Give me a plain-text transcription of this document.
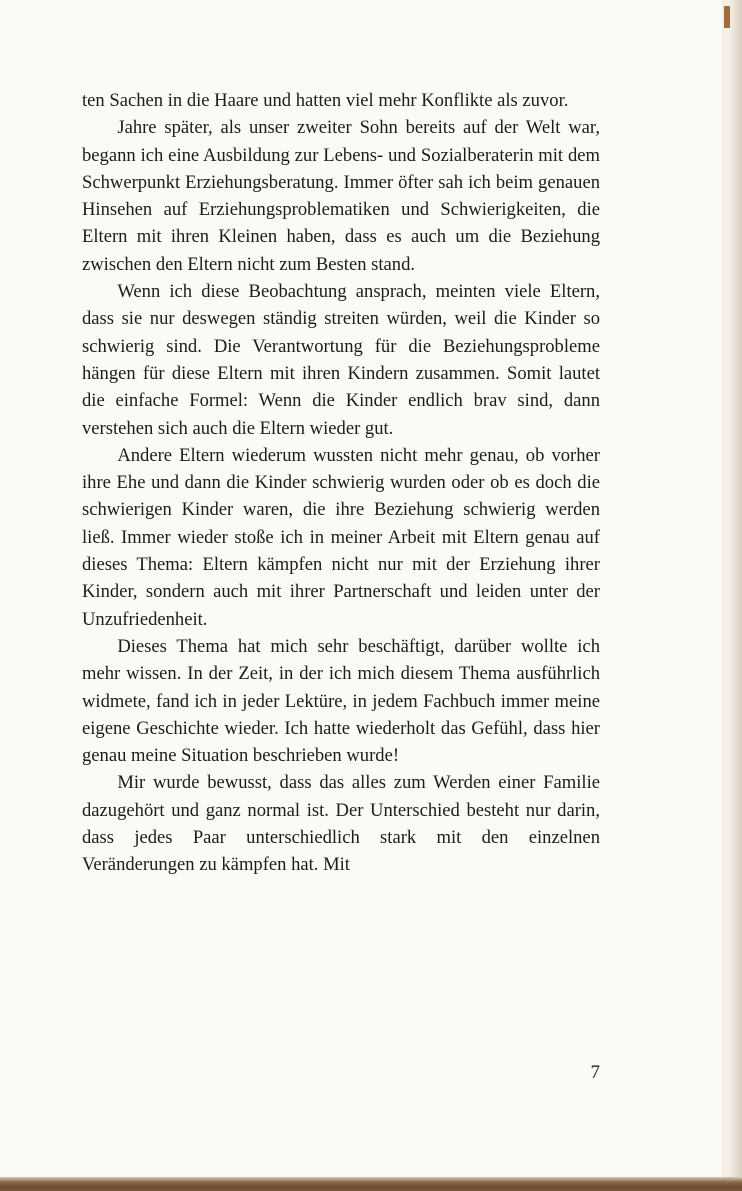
ten Sachen in die Haare und hatten viel mehr Konflikte als zuvor.

Jahre später, als unser zweiter Sohn bereits auf der Welt war, begann ich eine Ausbildung zur Lebens- und Sozialberaterin mit dem Schwerpunkt Erziehungsberatung. Immer öfter sah ich beim genauen Hinsehen auf Erziehungsproblematiken und Schwierigkeiten, die Eltern mit ihren Kleinen haben, dass es auch um die Beziehung zwischen den Eltern nicht zum Besten stand.

Wenn ich diese Beobachtung ansprach, meinten viele Eltern, dass sie nur deswegen ständig streiten würden, weil die Kinder so schwierig sind. Die Verantwortung für die Beziehungsprobleme hängen für diese Eltern mit ihren Kindern zusammen. Somit lautet die einfache Formel: Wenn die Kinder endlich brav sind, dann verstehen sich auch die Eltern wieder gut.

Andere Eltern wiederum wussten nicht mehr genau, ob vorher ihre Ehe und dann die Kinder schwierig wurden oder ob es doch die schwierigen Kinder waren, die ihre Beziehung schwierig werden ließ. Immer wieder stoße ich in meiner Arbeit mit Eltern genau auf dieses Thema: Eltern kämpfen nicht nur mit der Erziehung ihrer Kinder, sondern auch mit ihrer Partnerschaft und leiden unter der Unzufriedenheit.

Dieses Thema hat mich sehr beschäftigt, darüber wollte ich mehr wissen. In der Zeit, in der ich mich diesem Thema ausführlich widmete, fand ich in jeder Lektüre, in jedem Fachbuch immer meine eigene Geschichte wieder. Ich hatte wiederholt das Gefühl, dass hier genau meine Situation beschrieben wurde!

Mir wurde bewusst, dass das alles zum Werden einer Familie dazugehört und ganz normal ist. Der Unterschied besteht nur darin, dass jedes Paar unterschiedlich stark mit den einzelnen Veränderungen zu kämpfen hat. Mit

7
